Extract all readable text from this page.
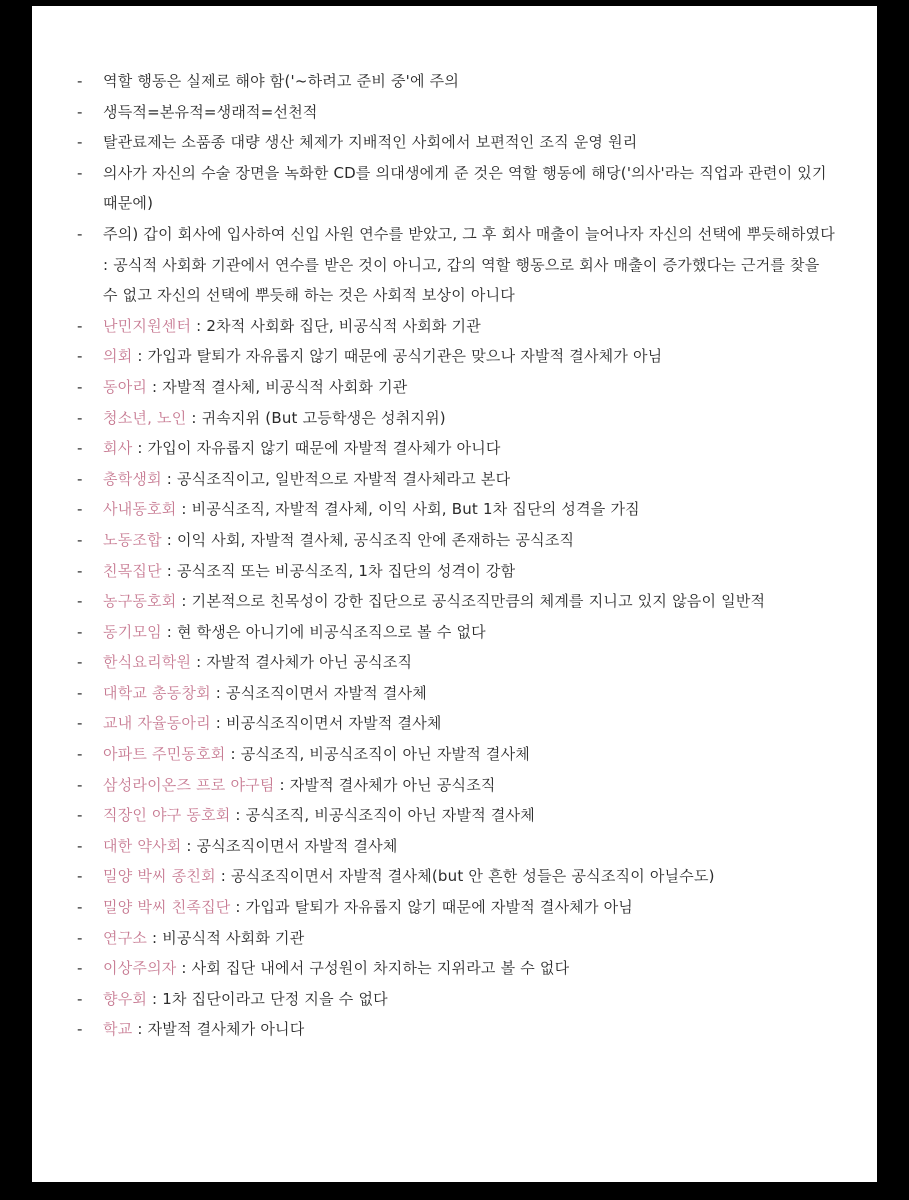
- 역할 행동은 실제로 해야 함('~하려고 준비 중'에 주의
- 생득적=본유적=생래적=선천적
- 탈관료제는 소품종 대량 생산 체제가 지배적인 사회에서 보편적인 조직 운영 원리
- 의사가 자신의 수술 장면을 녹화한 CD를 의대생에게 준 것은 역할 행동에 해당('의사'라는 직업과 관련이 있기 때문에)
- 주의) 갑이 회사에 입사하여 신입 사원 연수를 받았고, 그 후 회사 매출이 늘어나자 자신의 선택에 뿌듯해하였다 : 공식적 사회화 기관에서 연수를 받은 것이 아니고, 갑의 역할 행동으로 회사 매출이 증가했다는 근거를 찾을 수 없고 자신의 선택에 뿌듯해 하는 것은 사회적 보상이 아니다
- 난민지원센터 : 2차적 사회화 집단, 비공식적 사회화 기관
- 의회 : 가입과 탈퇴가 자유롭지 않기 때문에 공식기관은 맞으나 자발적 결사체가 아님
- 동아리 : 자발적 결사체, 비공식적 사회화 기관
- 청소년, 노인 : 귀속지위 (But 고등학생은 성취지위)
- 회사 : 가입이 자유롭지 않기 때문에 자발적 결사체가 아니다
- 총학생회 : 공식조직이고, 일반적으로 자발적 결사체라고 본다
- 사내동호회 : 비공식조직, 자발적 결사체, 이익 사회, But 1차 집단의 성격을 가짐
- 노동조합 : 이익 사회, 자발적 결사체, 공식조직 안에 존재하는 공식조직
- 친목집단 : 공식조직 또는 비공식조직, 1차 집단의 성격이 강함
- 농구동호회 : 기본적으로 친목성이 강한 집단으로 공식조직만큼의 체계를 지니고 있지 않음이 일반적
- 동기모임 : 현 학생은 아니기에 비공식조직으로 볼 수 없다
- 한식요리학원 : 자발적 결사체가 아닌 공식조직
- 대학교 총동창회 : 공식조직이면서 자발적 결사체
- 교내 자율동아리 : 비공식조직이면서 자발적 결사체
- 아파트 주민동호회 : 공식조직, 비공식조직이 아닌 자발적 결사체
- 삼성라이온즈 프로 야구팀 : 자발적 결사체가 아닌 공식조직
- 직장인 야구 동호회 : 공식조직, 비공식조직이 아닌 자발적 결사체
- 대한 약사회 : 공식조직이면서 자발적 결사체
- 밀양 박씨 종친회 : 공식조직이면서 자발적 결사체(but 안 흔한 성들은 공식조직이 아닐수도)
- 밀양 박씨 친족집단 : 가입과 탈퇴가 자유롭지 않기 때문에 자발적 결사체가 아님
- 연구소 : 비공식적 사회화 기관
- 이상주의자 : 사회 집단 내에서 구성원이 차지하는 지위라고 볼 수 없다
- 향우회 : 1차 집단이라고 단정 지을 수 없다
- 학교 : 자발적 결사체가 아니다
